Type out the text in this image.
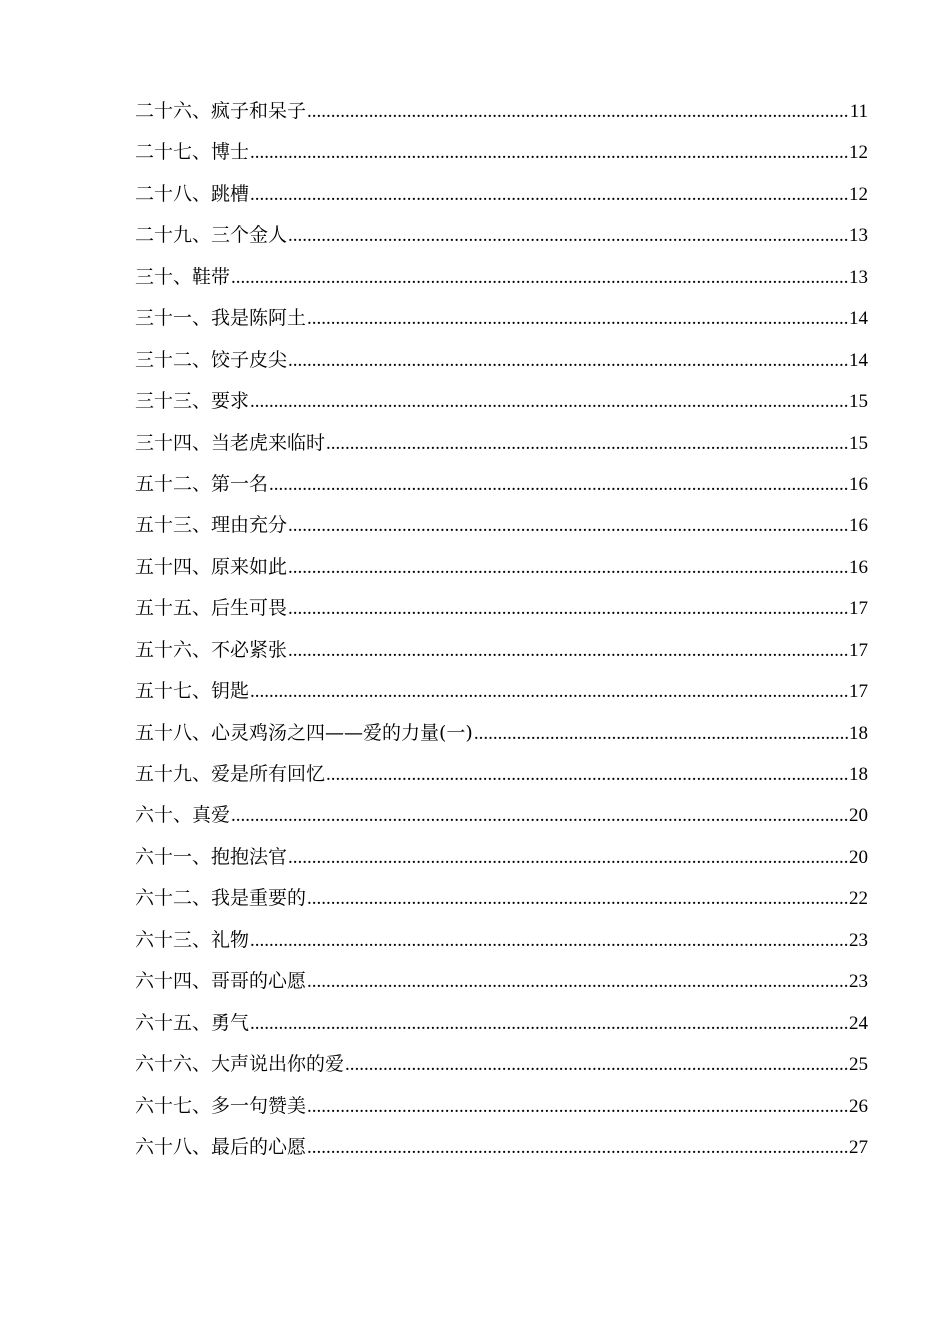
二十六、疯子和呆子 .....	11
二十七、博士 .....	12
二十八、跳槽 .....	12
二十九、三个金人 .....	13
三十、鞋带 .....	13
三十一、我是陈阿土 .....	14
三十二、饺子皮尖 .....	14
三十三、要求 .....	15
三十四、当老虎来临时 .....	15
五十二、第一名 .....	16
五十三、理由充分 .....	16
五十四、原来如此 .....	16
五十五、后生可畏 .....	17
五十六、不必紧张 .....	17
五十七、钥匙 .....	17
五十八、心灵鸡汤之四——爱的力量(一) .....	18
五十九、爱是所有回忆 .....	18
六十、真爱 .....	20
六十一、抱抱法官 .....	20
六十二、我是重要的 .....	22
六十三、礼物 .....	23
六十四、哥哥的心愿 .....	23
六十五、勇气 .....	24
六十六、大声说出你的爱 .....	25
六十七、多一句赞美 .....	26
六十八、最后的心愿 .....	27
